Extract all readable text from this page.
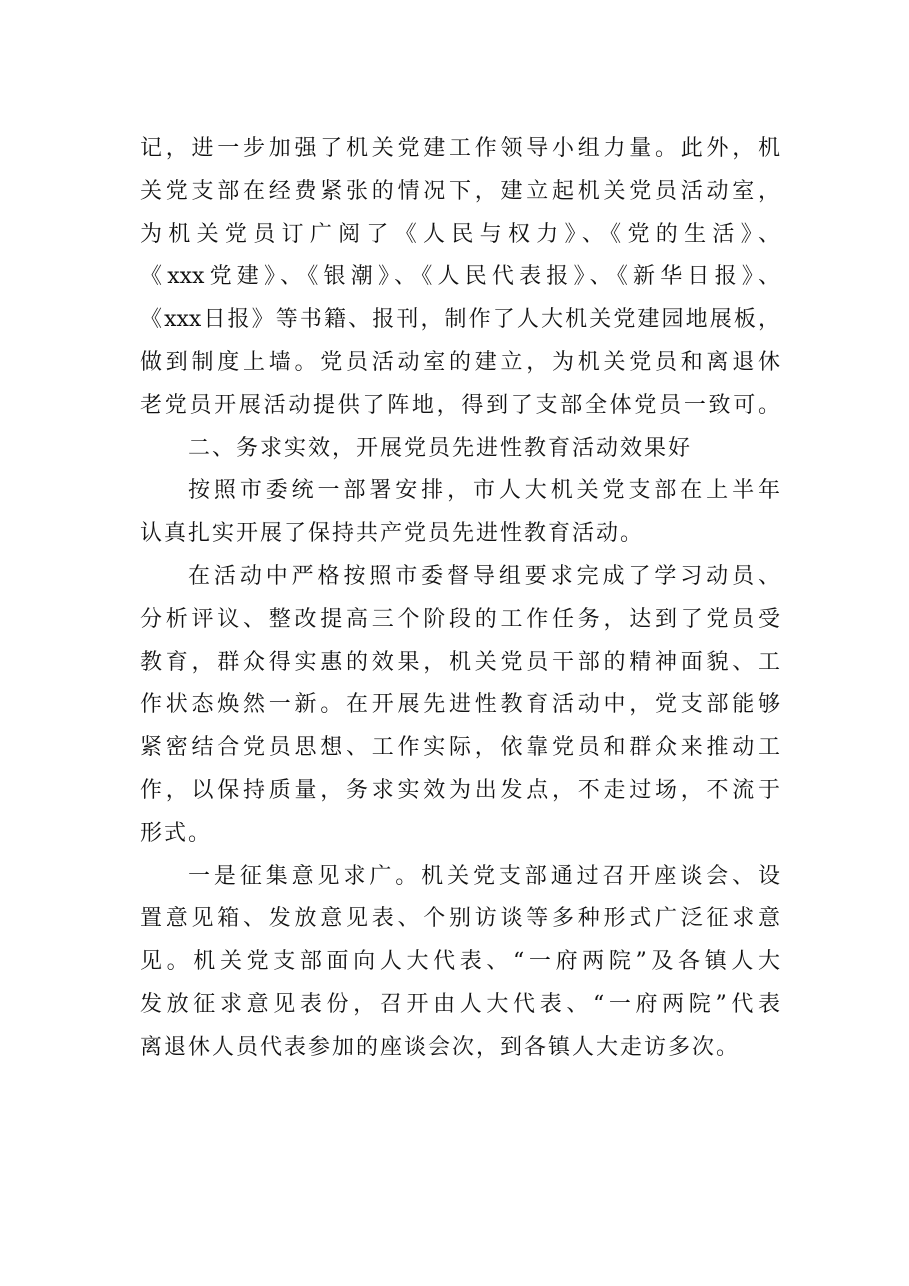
记，进一步加强了机关党建工作领导小组力量。此外，机
关党支部在经费紧张的情况下，建立起机关党员活动室，
为机关党员订广阅了《人民与权力》、《党的生活》、
《xxx党建》、《银潮》、《人民代表报》、《新华日报》、
《xxx日报》等书籍、报刊，制作了人大机关党建园地展板，
做到制度上墙。党员活动室的建立，为机关党员和离退休
老党员开展活动提供了阵地，得到了支部全体党员一致可。
二、务求实效，开展党员先进性教育活动效果好
按照市委统一部署安排，市人大机关党支部在上半年
认真扎实开展了保持共产党员先进性教育活动。
在活动中严格按照市委督导组要求完成了学习动员、
分析评议、整改提高三个阶段的工作任务，达到了党员受
教育，群众得实惠的效果，机关党员干部的精神面貌、工
作状态焕然一新。在开展先进性教育活动中，党支部能够
紧密结合党员思想、工作实际，依靠党员和群众来推动工
作，以保持质量，务求实效为出发点，不走过场，不流于
形式。
一是征集意见求广。机关党支部通过召开座谈会、设
置意见箱、发放意见表、个别访谈等多种形式广泛征求意
见。机关党支部面向人大代表、“一府两院”及各镇人大
发放征求意见表份，召开由人大代表、“一府两院”代表
离退休人员代表参加的座谈会次，到各镇人大走访多次。
